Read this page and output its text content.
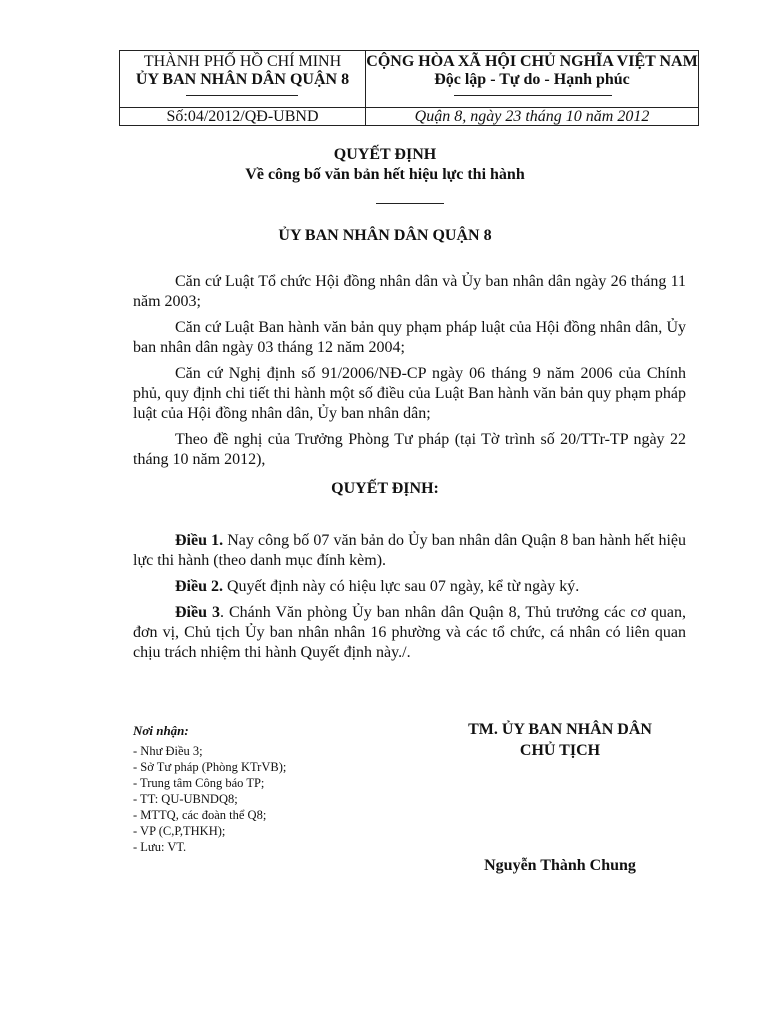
THÀNH PHỐ HỒ CHÍ MINH
ỦY BAN NHÂN DÂN QUẬN 8
Số:04/2012/QĐ-UBND
CỘNG HÒA XÃ HỘI CHỦ NGHĨA VIỆT NAM
Độc lập - Tự do - Hạnh phúc
Quận 8, ngày 23 tháng 10 năm 2012
QUYẾT ĐỊNH
Về công bố văn bản hết hiệu lực thi hành
ỦY BAN NHÂN DÂN QUẬN 8
Căn cứ Luật Tổ chức Hội đồng nhân dân và Ủy ban nhân dân ngày 26 tháng 11 năm 2003;
Căn cứ Luật Ban hành văn bản quy phạm pháp luật của Hội đồng nhân dân, Ủy ban nhân dân ngày 03 tháng 12 năm 2004;
Căn cứ Nghị định số 91/2006/NĐ-CP ngày 06 tháng 9 năm 2006 của Chính phủ, quy định chi tiết thi hành một số điều của Luật Ban hành văn bản quy phạm pháp luật của Hội đồng nhân dân, Ủy ban nhân dân;
Theo đề nghị của Trưởng Phòng Tư pháp (tại Tờ trình số 20/TTr-TP ngày 22 tháng 10 năm 2012),
QUYẾT ĐỊNH:
Điều 1. Nay công bố 07 văn bản do Ủy ban nhân dân Quận 8 ban hành hết hiệu lực thi hành (theo danh mục đính kèm).
Điều 2. Quyết định này có hiệu lực sau 07 ngày, kể từ ngày ký.
Điều 3. Chánh Văn phòng Ủy ban nhân dân Quận 8, Thủ trưởng các cơ quan, đơn vị, Chủ tịch Ủy ban nhân nhân 16 phường và các tổ chức, cá nhân có liên quan chịu trách nhiệm thi hành Quyết định này./.
Nơi nhận:
- Như Điều 3;
- Sở Tư pháp (Phòng KTrVB);
- Trung tâm Công báo TP;
- TT: QU-UBNDQ8;
- MTTQ, các đoàn thể Q8;
- VP (C,P,THKH);
- Lưu: VT.
TM. ỦY BAN NHÂN DÂN
CHỦ TỊCH
Nguyễn Thành Chung
